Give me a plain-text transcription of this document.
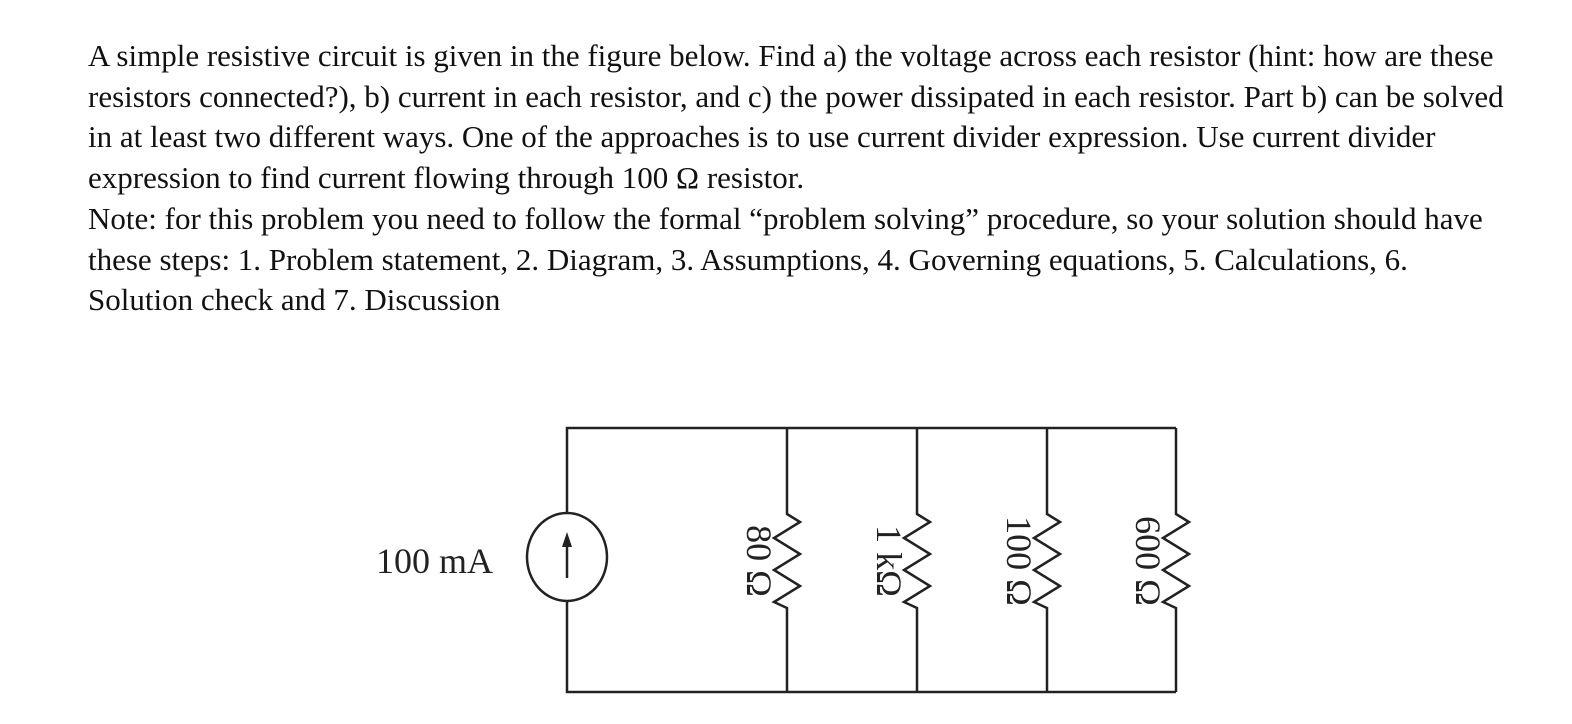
A simple resistive circuit is given in the figure below. Find a) the voltage across each resistor (hint: how are these resistors connected?), b) current in each resistor, and c) the power dissipated in each resistor. Part b) can be solved in at least two different ways. One of the approaches is to use current divider expression. Use current divider expression to find current flowing through 100 Ω resistor.

Note: for this problem you need to follow the formal “problem solving” procedure, so your solution should have these steps: 1. Problem statement, 2. Diagram, 3. Assumptions, 4. Governing equations, 5. Calculations, 6. Solution check and 7. Discussion

100 mA	80 Ω	1 kΩ	100 Ω 600 Ω
